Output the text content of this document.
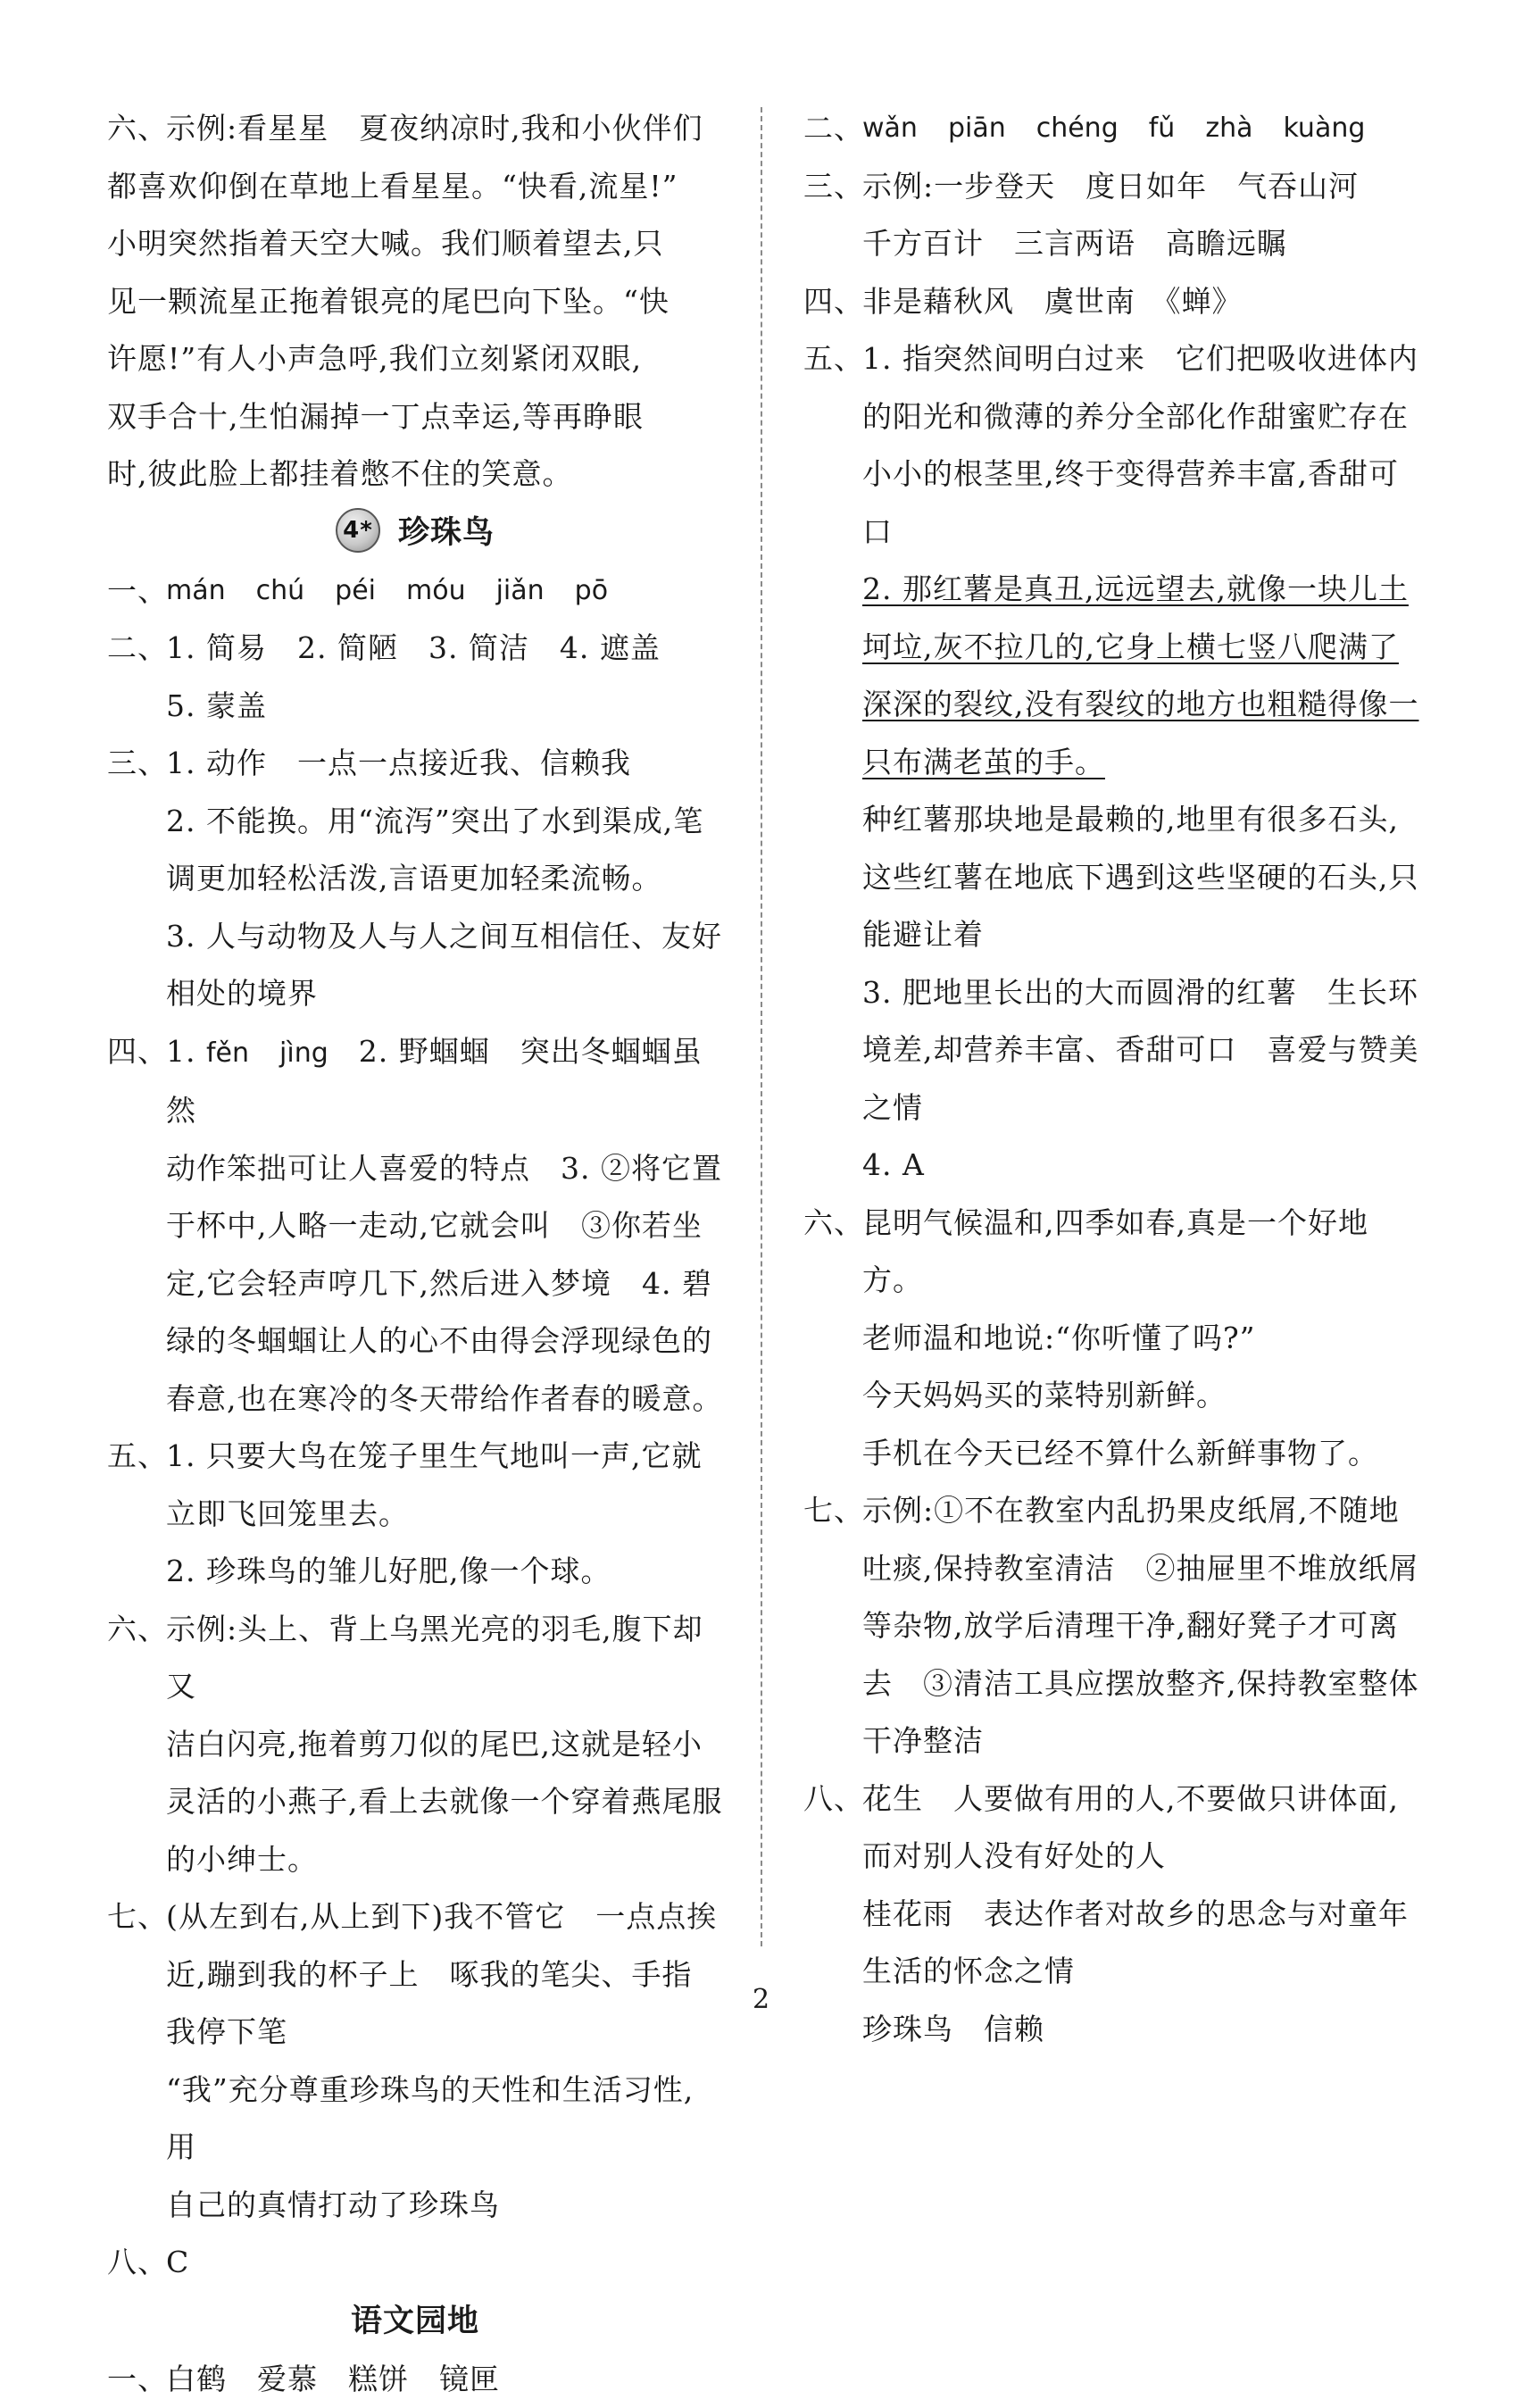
六、
示例:看星星　夏夜纳凉时,我和小伙伴们
都喜欢仰倒在草地上看星星。“快看,流星!”
小明突然指着天空大喊。我们顺着望去,只
见一颗流星正拖着银亮的尾巴向下坠。“快
许愿!”有人小声急呼,我们立刻紧闭双眼,
双手合十,生怕漏掉一丁点幸运,等再睁眼
时,彼此脸上都挂着憋不住的笑意。
4* 珍珠鸟
一、
mán chú péi móu jiǎn pō
二、
1. 简易　2. 简陋　3. 简洁　4. 遮盖
5. 蒙盖
三、
1. 动作　一点一点接近我、信赖我
2. 不能换。用“流泻”突出了水到渠成,笔
调更加轻松活泼,言语更加轻柔流畅。
3. 人与动物及人与人之间互相信任、友好
相处的境界
四、
1. fěn jìng 2. 野蝈蝈　突出冬蝈蝈虽然
动作笨拙可让人喜爱的特点　3. ②将它置
于杯中,人略一走动,它就会叫　③你若坐
定,它会轻声哼几下,然后进入梦境　4. 碧
绿的冬蝈蝈让人的心不由得会浮现绿色的
春意,也在寒冷的冬天带给作者春的暖意。
五、
1. 只要大鸟在笼子里生气地叫一声,它就
立即飞回笼里去。
2. 珍珠鸟的雏儿好肥,像一个球。
六、
示例:头上、背上乌黑光亮的羽毛,腹下却又
洁白闪亮,拖着剪刀似的尾巴,这就是轻小
灵活的小燕子,看上去就像一个穿着燕尾服
的小绅士。
七、
(从左到右,从上到下)我不管它　一点点挨
近,蹦到我的杯子上　啄我的笔尖、手指
我停下笔
“我”充分尊重珍珠鸟的天性和生活习性,用
自己的真情打动了珍珠鸟
八、
C
语文园地
一、
白鹤　爱慕　糕饼　镜匣
二、
wǎn piān chéng fǔ zhà kuàng
三、
示例:一步登天　度日如年　气吞山河
千方百计　三言两语　高瞻远瞩
四、
非是藉秋风　虞世南　《蝉》
五、
1. 指突然间明白过来　它们把吸收进体内
的阳光和微薄的养分全部化作甜蜜贮存在
小小的根茎里,终于变得营养丰富,香甜可口
2. 那红薯是真丑,远远望去,就像一块儿土
坷垃,灰不拉几的,它身上横七竖八爬满了
深深的裂纹,没有裂纹的地方也粗糙得像一
只布满老茧的手。
种红薯那块地是最赖的,地里有很多石头,
这些红薯在地底下遇到这些坚硬的石头,只
能避让着
3. 肥地里长出的大而圆滑的红薯　生长环
境差,却营养丰富、香甜可口　喜爱与赞美
之情
4. A
六、
昆明气候温和,四季如春,真是一个好地方。
老师温和地说:“你听懂了吗?”
今天妈妈买的菜特别新鲜。
手机在今天已经不算什么新鲜事物了。
七、
示例:①不在教室内乱扔果皮纸屑,不随地
吐痰,保持教室清洁　②抽屉里不堆放纸屑
等杂物,放学后清理干净,翻好凳子才可离
去　③清洁工具应摆放整齐,保持教室整体
干净整洁
八、
花生　人要做有用的人,不要做只讲体面,
而对别人没有好处的人
桂花雨　表达作者对故乡的思念与对童年
生活的怀念之情
珍珠鸟　信赖
2
